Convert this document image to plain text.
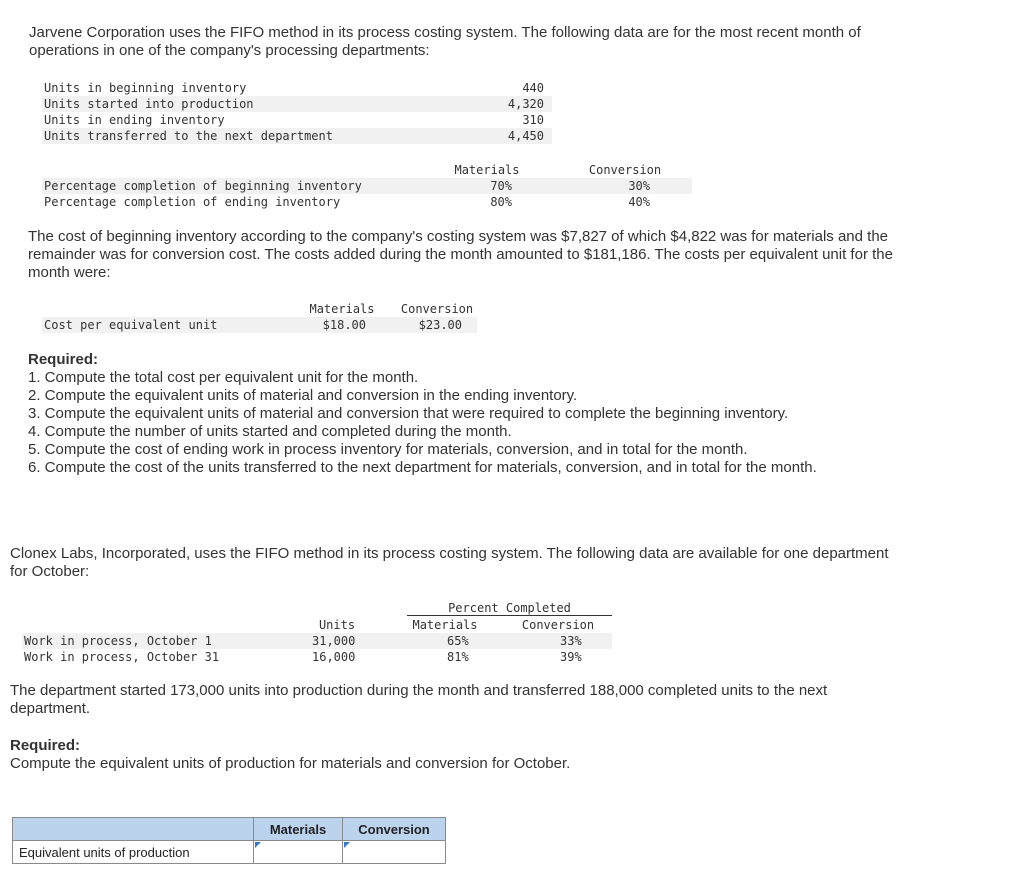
Jarvene Corporation uses the FIFO method in its process costing system. The following data are for the most recent month of
operations in one of the company's processing departments:
Units in beginning inventory	440
Units started into production	4,320
Units in ending inventory	310
Units transferred to the next department	4,450
Materials	Conversion
Percentage completion of beginning inventory	70%	30%
Percentage completion of ending inventory	80%	40%
The cost of beginning inventory according to the company's costing system was $7,827 of which $4,822 was for materials and the
remainder was for conversion cost. The costs added during the month amounted to $181,186. The costs per equivalent unit for the
month were:
Materials	Conversion
Cost per equivalent unit	$18.00	$23.00
Required:
1. Compute the total cost per equivalent unit for the month.
2. Compute the equivalent units of material and conversion in the ending inventory.
3. Compute the equivalent units of material and conversion that were required to complete the beginning inventory.
4. Compute the number of units started and completed during the month.
5. Compute the cost of ending work in process inventory for materials, conversion, and in total for the month.
6. Compute the cost of the units transferred to the next department for materials, conversion, and in total for the month.
Clonex Labs, Incorporated, uses the FIFO method in its process costing system. The following data are available for one department
for October:
Percent Completed
Units	Materials	Conversion
Work in process, October 1	31,000	65%	33%
Work in process, October 31	16,000	81%	39%
The department started 173,000 units into production during the month and transferred 188,000 completed units to the next
department.
Required:
Compute the equivalent units of production for materials and conversion for October.
	Materials	Conversion
Equivalent units of production	
